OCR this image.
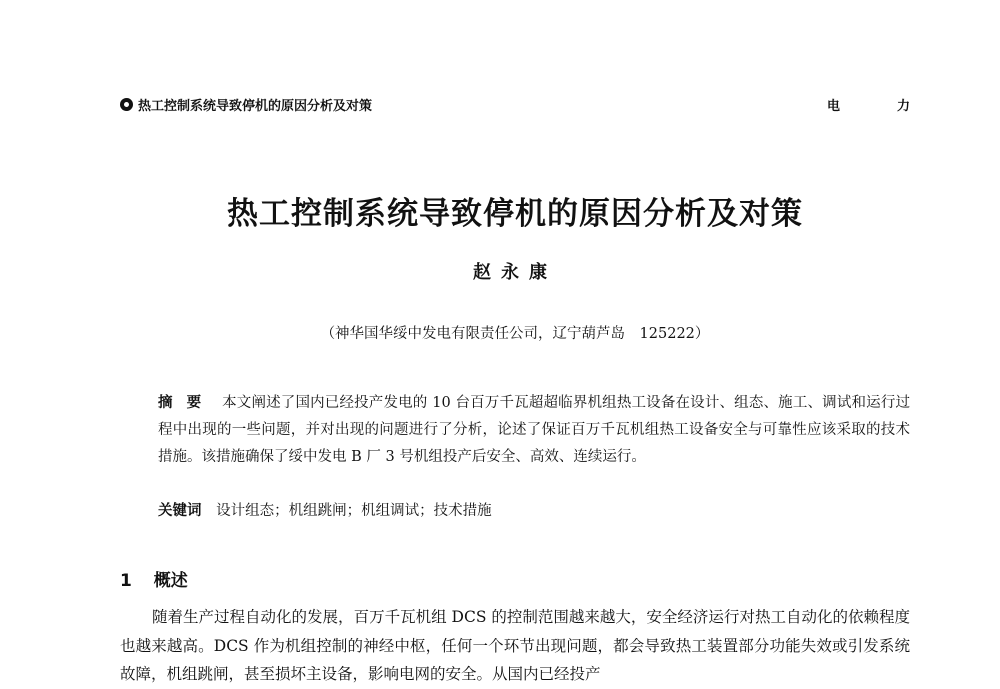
热工控制系统导致停机的原因分析及对策	电　力
热工控制系统导致停机的原因分析及对策
赵永康
（神华国华绥中发电有限责任公司，辽宁葫芦岛　125222）
摘要 本文阐述了国内已经投产发电的 10 台百万千瓦超超临界机组热工设备在设计、组态、施工、调试和运行过程中出现的一些问题，并对出现的问题进行了分析，论述了保证百万千瓦机组热工设备安全与可靠性应该采取的技术措施。该措施确保了绥中发电 B 厂 3 号机组投产后安全、高效、连续运行。
关键词 设计组态；机组跳闸；机组调试；技术措施
1 概述
随着生产过程自动化的发展，百万千瓦机组 DCS 的控制范围越来越大，安全经济运行对热工自动化的依赖程度也越来越高。DCS 作为机组控制的神经中枢，任何一个环节出现问题，都会导致热工装置部分功能失效或引发系统故障，机组跳闸，甚至损坏主设备，影响电网的安全。从国内已经投产
